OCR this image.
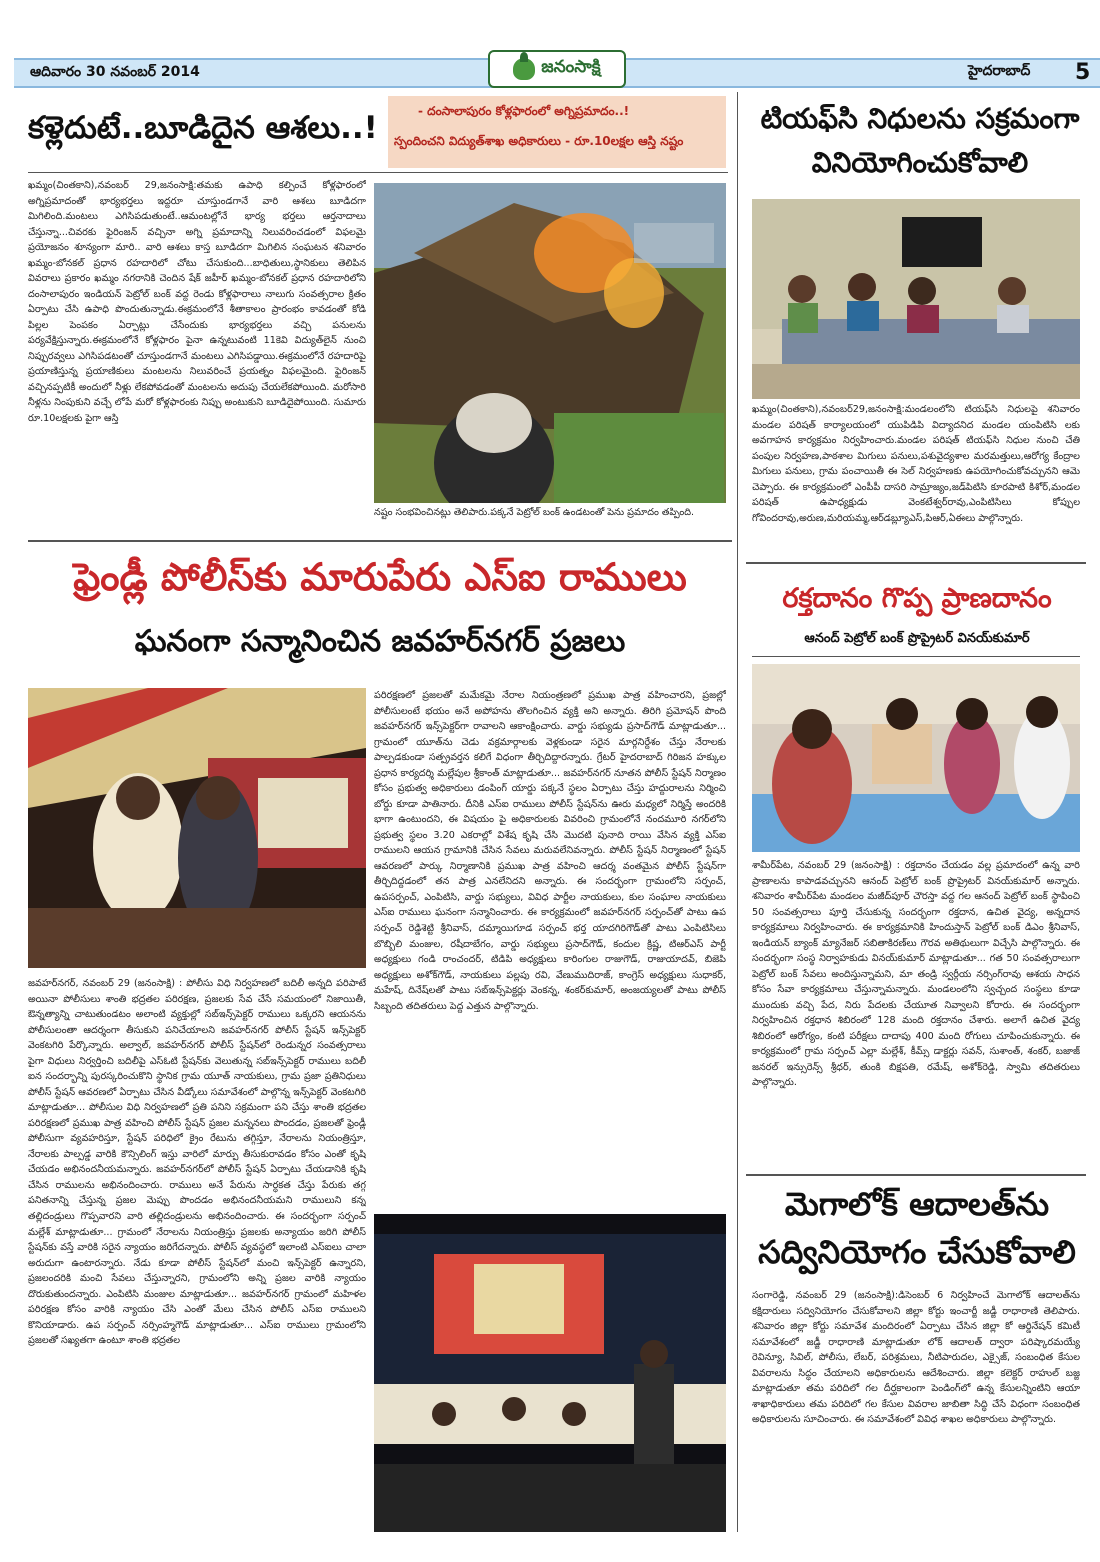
ఆదివారం 30 నవంబర్ 2014	జనంసాక్షి	హైదరాబాద్ 5
కళ్లెదుటే..బూడిదైన ఆశలు..!	- దంసాలాపురం కోళ్లఫారంలో అగ్నిప్రమాదం..!
స్పందించని విద్యుత్‌శాఖ అధికారులు - రూ.10లక్షల ఆస్తి నష్టం
ఖమ్మం(చింతకాని),నవంబర్ 29,జనంసాక్షి:తమకు ఉపాధి కల్పించే కోళ్లఫారంలో అగ్నిప్రమాదంతో భార్యభర్తలు ఇద్దరూ చూస్తుండగానే వారి ఆశలు బూడిదగా మిగిలింది.మంటలు ఎగిసిపడుతుంటే..ఆమంటల్లోనే భార్య భర్తలు ఆర్తనాదాలు చేస్తున్నా...చివరకు ఫైరింజన్ వచ్చినా అగ్ని ప్రమాదాన్ని నిలువరించడంలో విఫలమై ప్రయోజనం శూన్యంగా మారి.. వారి ఆశలు కాస్త బూడిదగా మిగిలిన సంఘటన శనివారం ఖమ్మం-బోనకల్ ప్రధాన రహదారిలో చోటు చేసుకుంది...బాధితులు,స్థానికులు తెలిపిన వివరాలు ప్రకారం ఖమ్మం నగరానికి చెందిన షేక్ జహీర్ ఖమ్మం-బోనకల్ ప్రధాన రహదారిలోని దంసాలాపురం ఇండియన్ పెట్రోల్ బంక్ వద్ద రెండు కోళ్లఫారాలు నాలుగు సంవత్సరాల క్రితం ఏర్పాటు చేసి ఉపాధి పొందుతున్నాడు.ఈక్రమంలోనే శీతాకాలం ప్రారంభం కావడంతో కోడి పిల్లల పెంపకం ఏర్పాట్లు చేసేందుకు భార్యభర్తలు వచ్చి పనులను పర్యవేక్షిస్తున్నారు.ఈక్రమంలోనే కోళ్లఫారం పైనా ఉన్నటువంటి 11కెవి విద్యుత్‌లైన్ నుంచి నిప్పురవ్వలు ఎగిసిపడటంతో చూస్తుండగానే మంటలు ఎగిసిపడ్డాయి.ఈక్రమంలోనే రహదారిపై ప్రయాణిస్తున్న ప్రయాణికులు మంటలను నిలువరించే ప్రయత్నం విఫలమైంది. ఫైరింజన్ వచ్చినప్పటికీ అందులో నీళ్లు లేకపోవడంతో మంటలను అదుపు చేయలేకపోయింది. మరోసారి నీళ్లను నింపుకుని వచ్చే లోపే మరో కోళ్లఫారంకు నిప్పు అంటుకుని బూడిదైపోయింది. సుమారు రూ.10లక్షలకు పైగా ఆస్తి
నష్టం సంభవించినట్లు తెలిపారు.పక్కనే పెట్రోల్ బంక్ ఉండటంతో పెను ప్రమాదం తప్పింది.
టియఫ్‌సి నిధులను సక్రమంగా
వినియోగించుకోవాలి
ఖమ్మం(చింతకాని),నవంబర్29,జనంసాక్షి:మండలంలోని టియఫ్‌సి నిధులపై శనివారం మండల పరిషత్ కార్యాలయంలో యుపిడిపి విద్యాదనిద మండల యంపిటిసి లకు అవగాహన కార్యక్రమం నిర్వహించారు.మండల పరిషత్ టియఫ్‌సి నిధుల నుంచి చేతి పంపుల నిర్వహణ,పాఠశాల మిగులు పనులు,పశువైద్యశాల మరమత్తులు,ఆరోగ్య కేంద్రాల మిగులు పనులు, గ్రామ పంచాయితీ ఈ సెల్ నిర్వహణకు ఉపయోగించుకోవచ్చునని ఆమె చెప్పారు. ఈ కార్యక్రమంలో ఎంపీపీ దాసరి సామ్రాజ్యం,జడ్‌పిటిసి కూరపాటి కిశోర్,మండల పరిషత్ ఉపాధ్యక్షుడు వెంకటేశ్వర్‌రావు,ఎంపిటిసిలు కోప్పుల గోవిందరావు,అరుణ,మరియమ్మ,ఆర్‌డబ్ల్యూఎస్,పిఆర్,ఏఈలు పాల్గొన్నారు.
ఫ్రెండ్లీ పోలీస్‌కు మారుపేరు ఎస్‌ఐ రాములు
ఘనంగా సన్మానించిన జవహర్‌నగర్ ప్రజలు
జవహర్‌నగర్, నవంబర్ 29 (జనంసాక్షి) : పోలీసు విధి నిర్వహణలో బదిలీ అన్నది పరిపాటే అయినా పోలీసులు శాంతి భద్రతల పరిరక్షణ, ప్రజలకు సేవ చేసే సమయంలో నిజాయితీ, ఔన్నత్యాన్ని చాటుతుండటం అలాంటి వ్యక్తుల్లో సబ్‌ఇన్స్‌పెక్టర్ రాములు ఒక్కరని ఆయనను పోలీసులంతా ఆదర్శంగా తీసుకుని పనిచేయాలని జవహర్‌నగర్ పోలీస్ స్టేషన్ ఇన్స్‌పెక్టర్ వెంకటగిరి పేర్కొన్నారు. అల్వాల్, జవహర్‌నగర్ పోలీస్ స్టేషన్‌లో రెండున్నర సంవత్సరాలు పైగా విధులు నిర్వర్తించి బదిలీపై ఎస్‌ఓటి స్టేషన్‌కు వెలుతున్న సబ్‌ఇన్స్‌పెక్టర్ రాములు బదిలీ ఐన సందర్భాన్ని పురస్కరించుకొని స్థానిక గ్రామ యూత్ నాయకులు, గ్రామ ప్రజా ప్రతినిధులు పోలీస్ స్టేషన్ ఆవరణలో ఏర్పాటు చేసిన వీడ్కోలు సమావేశంలో పాల్గొన్న ఇన్స్‌పెక్టర్ వెంకటగిరి మాట్లాడుతూ... పోలీసుల విధి నిర్వహణలో ప్రతి పనిని సక్రమంగా పని చేస్తు శాంతి భద్రతల పరిరక్షణలో ప్రముఖ పాత్ర వహించి పోలీస్ స్టేషన్ ప్రజల మన్ననలు పొందడం, ప్రజలతో ఫ్రెండ్లీ పోలీసుగా వ్యవహరిస్తూ, స్టేషన్ పరిధిలో క్రైం రేటును తగ్గిస్తూ, నేరాలను నియంత్రిస్తూ, నేరాలకు పాల్పడ్డ వారికి కౌన్సిలింగ్ ఇస్తు వారిలో మార్పు తీసుకురావడం కోసం ఎంతో కృషి చేయడం అభినందనీయమన్నారు. జవహర్‌నగర్‌లో పోలీస్ స్టేషన్ ఏర్పాటు చేయడానికి కృషి చేసిన రాములను అభినందించారు. రాములు అనే పేరును సార్ధకత చేస్తు పేరుకు తగ్గ పనితనాన్ని చేస్తున్న ప్రజల మెప్పు పొందడం అభినందనీయమని రాములుని కన్న తల్లిదండ్రులు గొప్పవారని వారి తల్లిదండ్రులను అభినందించారు. ఈ సందర్భంగా సర్పంచ్ మల్లేశ్ మాట్లాడుతూ... గ్రామంలో నేరాలను నియంత్రిస్తు ప్రజలకు అన్యాయం జరిగి పోలీస్ స్టేషన్‌కు వస్తే వారికి సరైన న్యాయం జరిగేదన్నారు. పోలీస్ వ్యవస్థలో ఇలాంటి ఎస్‌ఐలు చాలా అరుదుగా ఉంటారన్నారు. నేడు కూడా పోలీస్ స్టేషన్‌లో మంచి ఇన్స్‌పెక్టర్ ఉన్నారని, ప్రజలందరికి మంచి సేవలు చేస్తున్నారని, గ్రామంలోని అన్ని ప్రజల వారికి న్యాయం దొరుకుతుందన్నారు. ఎంపిటిసి మంజుల మాట్లాడుతూ... జవహర్‌నగర్ గ్రామంలో మహిళల పరిరక్షణ కోసం వారికి న్యాయం చేసి ఎంతో మేలు చేసిన పోలీస్ ఎస్‌ఐ రాములని కొనియాడారు. ఉప సర్పంచ్ నర్సింహ్మగౌడ్ మాట్లాడుతూ... ఎస్‌ఐ రాములు గ్రామంలోని ప్రజలతో సఖ్యతగా ఉంటూ శాంతి భద్రతల
పరిరక్షణలో ప్రజలతో మమేకమై నేరాల నియంత్రణలో ప్రముఖ పాత్ర వహించారని, ప్రజల్లో పోలీసులంటే భయం అనే అపోహను తొలగించిన వ్యక్తి అని అన్నారు. తిరిగి ప్రమోషన్ పొంది జవహర్‌నగర్ ఇన్స్‌పెక్టర్‌గా రావాలని ఆకాంక్షించారు. వార్డు సభ్యుడు ప్రసాద్‌గౌడ్ మాట్లాడుతూ... గ్రామంలో యూత్‌ను చెడు వక్రమార్గాలకు వెళ్లకుండా సరైన మార్గనిర్దేశం చేస్తు నేరాలకు పాల్పడకుండా సత్ప్రవర్తన కలిగే విధంగా తీర్చిదిద్దారన్నారు. గ్రేటర్ హైదరాబాద్ గిరిజన హక్కుల ప్రధాన కార్యదర్శి మల్లేపుల శ్రీకాంత్ మాట్లాడుతూ... జవహర్‌నగర్ నూతన పోలీస్ స్టేషన్ నిర్మాణం కోసం ప్రభుత్వ అధికారులు డంపింగ్ యార్డు పక్కనే స్థలం ఏర్పాటు చేస్తు హద్దురాలను నిర్మించి బోర్డు కూడా పాతినారు. దీనికి ఎస్‌ఐ రాములు పోలీస్ స్టేషన్‌ను ఊరు మధ్యలో నిర్మిస్తే అందరికి భాగా ఉంటుందని, ఈ విషయం పై అధికారులకు వివరించి గ్రామంలోనే నందమూరి నగర్‌లోని ప్రభుత్వ స్థలం 3.20 ఎకరాల్లో విశేష కృషి చేసి మొదటి పునాది రాయి వేసిన వ్యక్తి ఎస్‌ఐ రాములని ఆయన గ్రామానికి చేసిన సేవలు మరువలేనివన్నారు. పోలీస్ స్టేషన్ నిర్మాణంలో స్టేషన్ ఆవరణలో పార్కు నిర్మాణానికి ప్రముఖ పాత్ర వహించి ఆదర్శ వంతమైన పోలీస్ స్టేషన్‌గా తీర్చిదిద్దడంలో తన పాత్ర ఎనలేనిదని అన్నారు. ఈ సందర్భంగా గ్రామంలోని సర్పంచ్, ఉపసర్పంచ్, ఎంపిటిసి, వార్డు సభ్యులు, వివిధ పార్టీల నాయకులు, కుల సంఘాల నాయకులు ఎస్‌ఐ రాములు ఘనంగా సన్మానించారు. ఈ కార్యక్రమంలో జవహర్‌నగర్ సర్పంచ్‌తో పాటు ఉప సర్పంచ్ రెడ్డిశెట్టి శ్రీనివాస్, దమ్మాయిగూడ సర్పంచ్ భర్త యాదగిరిగౌడ్‌తో పాటు ఎంపిటిసిలు బొబ్బిలి మంజుల, రషీదాబేగం, వార్డు సభ్యులు ప్రసాద్‌గౌడ్, కందుల క్రిష్ణ, టిఆర్‌ఎస్ పార్టీ అధ్యక్షులు గండి రాంచందర్, టిడిపి అధ్యక్షులు కారింగుల రాజుగౌడ్, రాజుయాదవ్, బిజెపి అధ్యక్షులు అశోక్‌గౌడ్, నాయకులు పల్లపు రవి, వేణుముదిరాజ్, కాంగ్రెస్ అధ్యక్షులు సుధాకర్, మహేష్, దినేష్‌లతో పాటు సబ్‌ఇన్స్‌పెక్టర్లు వెంకన్న, శంకర్‌కుమార్, అంజయ్యలతో పాటు పోలీస్ సిబ్బంది తదితరులు పెద్ద ఎత్తున పాల్గొన్నారు.
రక్తదానం గొప్ప ప్రాణదానం
ఆనంద్ పెట్రోల్ బంక్ ప్రొప్రైటర్ వినయ్‌కుమార్
శామీర్‌పేట, నవంబర్ 29 (జనంసాక్షి) : రక్తదానం చేయడం వల్ల ప్రమాదంలో ఉన్న వారి ప్రాణాలను కాపాడవచ్చునని ఆనంద్ పెట్రోల్ బంక్ ప్రొప్రైటర్ వినయ్‌కుమార్ అన్నారు. శనివారం శామీర్‌పేట మండలం మజీద్‌పూర్ చౌరస్తా వద్ద గల ఆనంద్ పెట్రోల్ బంక్ స్థాపించి 50 సంవత్సరాలు పూర్తి చేసుకున్న సందర్భంగా రక్తదాన, ఉచిత వైద్య, అన్నదాన కార్యక్రమాలు నిర్వహించారు. ఈ కార్యక్రమానికి హిందుస్తాన్ పెట్రోల్ బంక్ డిఎం శ్రీనివాస్, ఇండియన్ బ్యాంక్ మ్యానేజర్ సబితాకిరణ్‌లు గౌరవ అతిథులుగా విచ్చేసి పాల్గొన్నారు. ఈ సందర్భంగా సంస్థ నిర్వాహకుడు వినయ్‌కుమార్ మాట్లాడుతూ... గత 50 సంవత్సరాలుగా పెట్రోల్ బంక్ సేవలు అందిస్తున్నామని, మా తండ్రి స్వర్గీయ నర్సింగ్‌రావు ఆశయ సాధన కోసం సేవా కార్యక్రమాలు చేస్తున్నామన్నారు. మండలంలోని స్వచ్చంద సంస్థలు కూడా ముందుకు వచ్చి పేద, నిరు పేదలకు చేయూత నివ్వాలని కోరారు. ఈ సందర్భంగా నిర్వహించిన రక్తధాన శిబిరంలో 128 మంది రక్తదానం చేశారు. అలాగే ఉచిత వైద్య శిబిరంలో ఆరోగ్యం, కంటి పరీక్షలు దాదాపు 400 మంది రోగులు చూపించుకున్నారు. ఈ కార్యక్రమంలో గ్రామ సర్పంచ్ ఎల్లా మల్లేశ్, కీమ్స్ డాక్టర్లు సవన్, సుశాంత్, శంకర్, బజాజ్ జనరల్ ఇన్సురెన్స్ శ్రీధర్, తుంకి బిక్షపతి, రమేష్, అశోక్‌రెడ్డి, స్వామి తదితరులు పాల్గొన్నారు.
మెగాలోక్ ఆదాలత్‌ను
సద్వినియోగం చేసుకోవాలి
సంగారెడ్డి, నవంబర్ 29 (జనంసాక్షి):డిసెంబర్ 6 నిర్వహించే మెగాలోక్ ఆదాలత్‌ను కక్షిదారులు సద్వినియోగం చేసుకోవాలని జిల్లా కోర్టు ఇంచార్జీ జడ్జీ రాధారాణి తెలిపారు. శనివారం జిల్లా కోర్టు సమావేశ మందిరంలో ఏర్పాటు చేసిన జిల్లా కో ఆర్డినేషన్ కమిటీ సమావేశంలో జడ్జీ రాధారాణి మాట్లాడుతూ లోక్ ఆదాలత్ ద్వారా పరిష్కారమయ్యే రెవిన్యూ, సివిల్, పోలీసు, లేబర్, పరిశ్రమలు, నీటిపారుదల, ఎక్సైజ్, సంబంధిత కేసుల వివరాలను సిద్ధం చేయాలని అధికారులను ఆదేశించారు. జిల్లా కలెక్టర్ రాహుల్ బజ్జ మాట్లాడుతూ తమ పరిదిలో గల దీర్ఘకాలంగా పెండింగ్‌లో ఉన్న కేసులన్నింటిని ఆయా శాఖాధికారులు తమ పరిదిలో గల కేసుల వివరాల జాబితా సిద్ధి చేసే విధంగా సంబంధిత అధికారులను సూచించారు. ఈ సమావేశంలో వివిధ శాఖల అధికారులు పాల్గొన్నారు.
